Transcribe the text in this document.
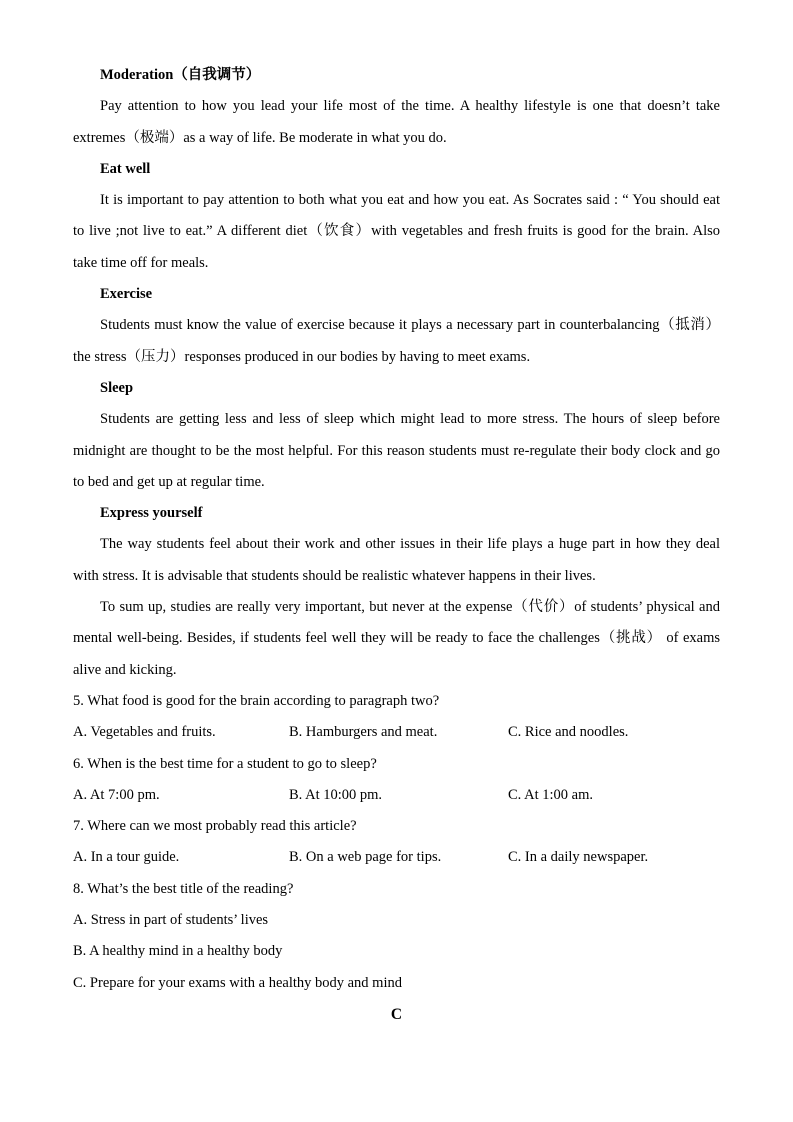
Moderation（自我调节）

Pay attention to how you lead your life most of the time. A healthy lifestyle is one that doesn’t take extremes（极端）as a way of life. Be moderate in what you do.

Eat well

It is important to pay attention to both what you eat and how you eat. As Socrates said : “ You should eat to live ;not live to eat.” A different diet（饮食）with vegetables and fresh fruits is good for the brain. Also take time off for meals.

Exercise

Students must know the value of exercise because it plays a necessary part in counterbalancing（抵消）the stress（压力）responses produced in our bodies by having to meet exams.

Sleep

Students are getting less and less of sleep which might lead to more stress. The hours of sleep before midnight are thought to be the most helpful. For this reason students must re-regulate their body clock and go to bed and get up at regular time.

Express yourself

The way students feel about their work and other issues in their life plays a huge part in how they deal with stress. It is advisable that students should be realistic whatever happens in their lives.

To sum up, studies are really very important, but never at the expense（代价）of students’ physical and mental well-being. Besides, if students feel well they will be ready to face the challenges（挑战） of exams alive and kicking.

5. What food is good for the brain according to paragraph two?

A. Vegetables and fruits.	B. Hamburgers and meat.	C. Rice and noodles.

6. When is the best time for a student to go to sleep?

A. At 7:00 pm.	B. At 10:00 pm.	C. At 1:00 am.

7. Where can we most probably read this article?

A. In a tour guide.	B. On a web page for tips.	C. In a daily newspaper.

8. What’s the best title of the reading?

A. Stress in part of students’ lives

B. A healthy mind in a healthy body

C. Prepare for your exams with a healthy body and mind

C
